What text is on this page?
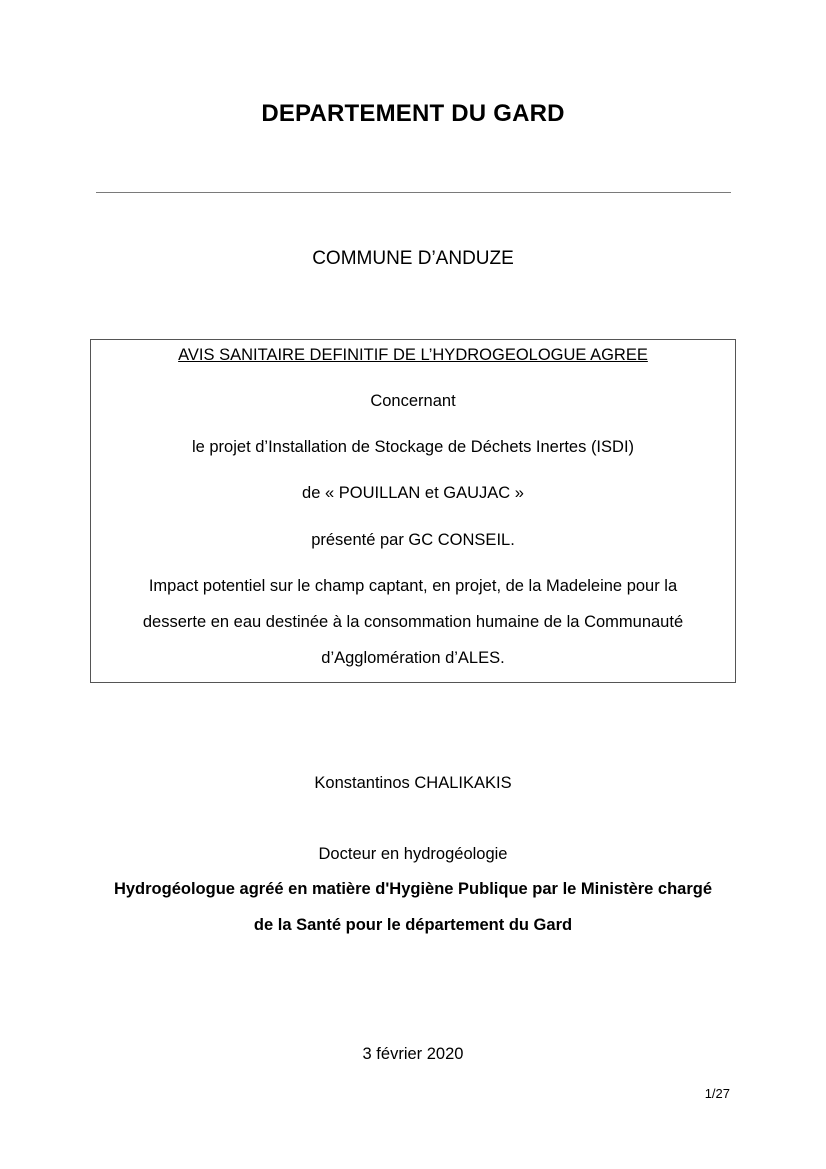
DEPARTEMENT DU GARD
COMMUNE D’ANDUZE
AVIS SANITAIRE DEFINITIF DE L’HYDROGEOLOGUE AGREE
Concernant
le projet d’Installation de Stockage de Déchets Inertes (ISDI)
de « POUILLAN et GAUJAC »
présenté par GC CONSEIL.
Impact potentiel sur le champ captant, en projet, de la Madeleine pour la
desserte en eau destinée à la consommation humaine de la Communauté
d’Agglomération d’ALES.
Konstantinos CHALIKAKIS
Docteur en hydrogéologie
Hydrogéologue agréé en matière d'Hygiène Publique par le Ministère chargé
de la Santé pour le département du Gard
3 février 2020
1/27
